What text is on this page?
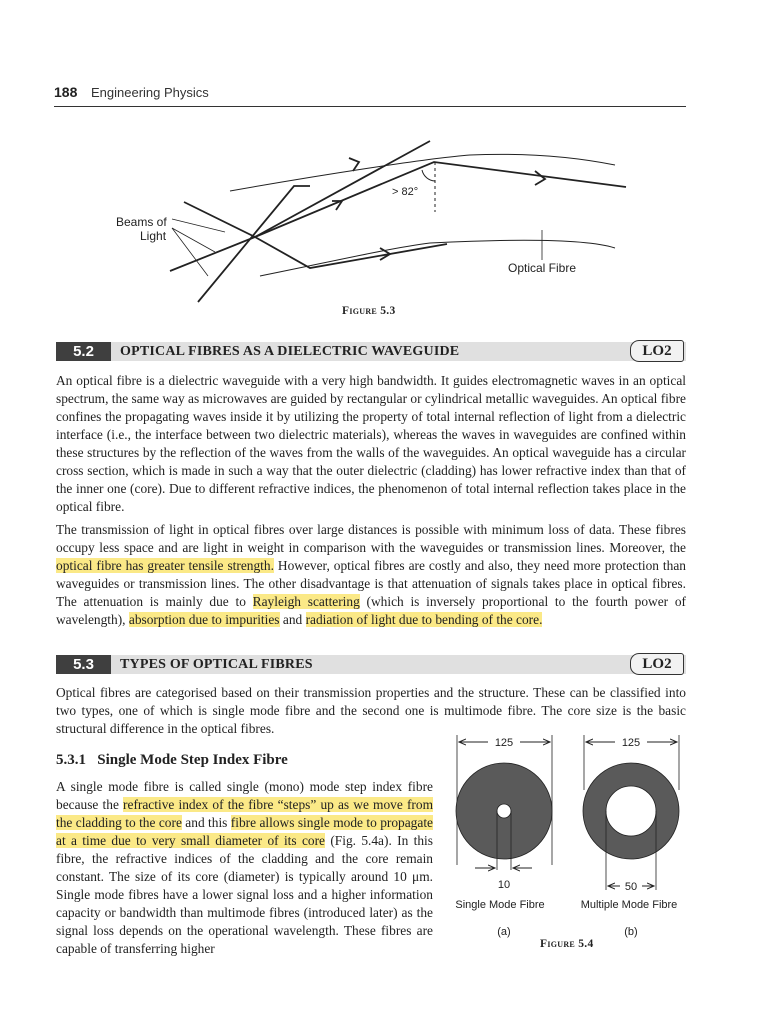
188 Engineering Physics
Beams of
Light
> 82°
Optical Fibre
Figure 5.3
5.2	OPTICAL FIBRES AS A DIELECTRIC WAVEGUIDE	LO2

An optical fibre is a dielectric waveguide with a very high bandwidth. It guides electromagnetic waves in an optical spectrum, the same way as microwaves are guided by rectangular or cylindrical metallic waveguides. An optical fibre confines the propagating waves inside it by utilizing the property of total internal reflection of light from a dielectric interface (i.e., the interface between two dielectric materials), whereas the waves in waveguides are confined within these structures by the reflection of the waves from the walls of the waveguides. An optical waveguide has a circular cross section, which is made in such a way that the outer dielectric (cladding) has lower refractive index than that of the inner one (core). Due to different refractive indices, the phenomenon of total internal reflection takes place in the optical fibre.

The transmission of light in optical fibres over large distances is possible with minimum loss of data. These fibres occupy less space and are light in weight in comparison with the waveguides or transmission lines. Moreover, the optical fibre has greater tensile strength. However, optical fibres are costly and also, they need more protection than waveguides or transmission lines. The other disadvantage is that attenuation of signals takes place in optical fibres. The attenuation is mainly due to Rayleigh scattering (which is inversely proportional to the fourth power of wavelength), absorption due to impurities and radiation of light due to bending of the core.

5.3	TYPES OF OPTICAL FIBRES	LO2

Optical fibres are categorised based on their transmission properties and the structure. These can be classified into two types, one of which is single mode fibre and the second one is multimode fibre. The core size is the basic structural difference in the optical fibres.

5.3.1 Single Mode Step Index Fibre

A single mode fibre is called single (mono) mode step index fibre because the refractive index of the fibre “steps” up as we move from the cladding to the core and this fibre allows single mode to propagate at a time due to very small diameter of its core (Fig. 5.4a). In this fibre, the refractive indices of the cladding and the core remain constant. The size of its core (diameter) is typically around 10 μm. Single mode fibres have a lower signal loss and a higher information capacity or bandwidth than multimode fibres (introduced later) as the signal loss depends on the operational wavelength. These fibres are capable of transferring higher

125
10
Single Mode Fibre
(a)
125
50
Multiple Mode Fibre
(b)
Figure 5.4
